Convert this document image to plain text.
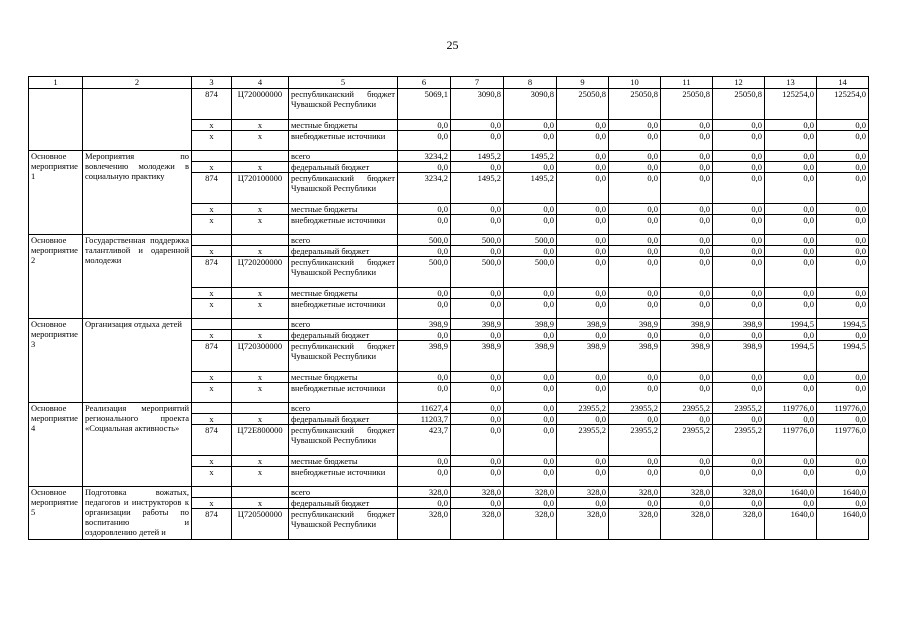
25
1	2	3	4	5	6	7	8	9	10	11	12	13	14
		874	Ц720000000	республиканский бюджет Чувашской Республики	5069,1	3090,8	3090,8	25050,8	25050,8	25050,8	25050,8	125254,0	125254,0
		х	х	местные бюджеты	0,0	0,0	0,0	0,0	0,0	0,0	0,0	0,0	0,0
		х	х	внебюджетные источники	0,0	0,0	0,0	0,0	0,0	0,0	0,0	0,0	0,0
Основное мероприятие 1	Мероприятия по вовлечению молодежи в социальную практику			всего	3234,2	1495,2	1495,2	0,0	0,0	0,0	0,0	0,0	0,0
		х	х	федеральный бюджет	0,0	0,0	0,0	0,0	0,0	0,0	0,0	0,0	0,0
		874	Ц720100000	республиканский бюджет Чувашской Республики	3234,2	1495,2	1495,2	0,0	0,0	0,0	0,0	0,0	0,0
		х	х	местные бюджеты	0,0	0,0	0,0	0,0	0,0	0,0	0,0	0,0	0,0
		х	х	внебюджетные источники	0,0	0,0	0,0	0,0	0,0	0,0	0,0	0,0	0,0
Основное мероприятие 2	Государственная поддержка талантливой и одаренной молодежи			всего	500,0	500,0	500,0	0,0	0,0	0,0	0,0	0,0	0,0
		х	х	федеральный бюджет	0,0	0,0	0,0	0,0	0,0	0,0	0,0	0,0	0,0
		874	Ц720200000	республиканский бюджет Чувашской Республики	500,0	500,0	500,0	0,0	0,0	0,0	0,0	0,0	0,0
		х	х	местные бюджеты	0,0	0,0	0,0	0,0	0,0	0,0	0,0	0,0	0,0
		х	х	внебюджетные источники	0,0	0,0	0,0	0,0	0,0	0,0	0,0	0,0	0,0
Основное мероприятие 3	Организация отдыха детей			всего	398,9	398,9	398,9	398,9	398,9	398,9	398,9	1994,5	1994,5
		х	х	федеральный бюджет	0,0	0,0	0,0	0,0	0,0	0,0	0,0	0,0	0,0
		874	Ц720300000	республиканский бюджет Чувашской Республики	398,9	398,9	398,9	398,9	398,9	398,9	398,9	1994,5	1994,5
		х	х	местные бюджеты	0,0	0,0	0,0	0,0	0,0	0,0	0,0	0,0	0,0
		х	х	внебюджетные источники	0,0	0,0	0,0	0,0	0,0	0,0	0,0	0,0	0,0
Основное мероприятие 4	Реализация мероприятий регионального проекта «Социальная активность»			всего	11627,4	0,0	0,0	23955,2	23955,2	23955,2	23955,2	119776,0	119776,0
		х	х	федеральный бюджет	11203,7	0,0	0,0	0,0	0,0	0,0	0,0	0,0	0,0
		874	Ц72Е800000	республиканский бюджет Чувашской Республики	423,7	0,0	0,0	23955,2	23955,2	23955,2	23955,2	119776,0	119776,0
		х	х	местные бюджеты	0,0	0,0	0,0	0,0	0,0	0,0	0,0	0,0	0,0
		х	х	внебюджетные источники	0,0	0,0	0,0	0,0	0,0	0,0	0,0	0,0	0,0
Основное мероприятие 5	Подготовка вожатых, педагогов и инструкторов к организации работы по воспитанию и оздоровлению детей и			всего	328,0	328,0	328,0	328,0	328,0	328,0	328,0	1640,0	1640,0
		х	х	федеральный бюджет	0,0	0,0	0,0	0,0	0,0	0,0	0,0	0,0	0,0
		874	Ц720500000	республиканский бюджет Чувашской Республики	328,0	328,0	328,0	328,0	328,0	328,0	328,0	1640,0	1640,0
